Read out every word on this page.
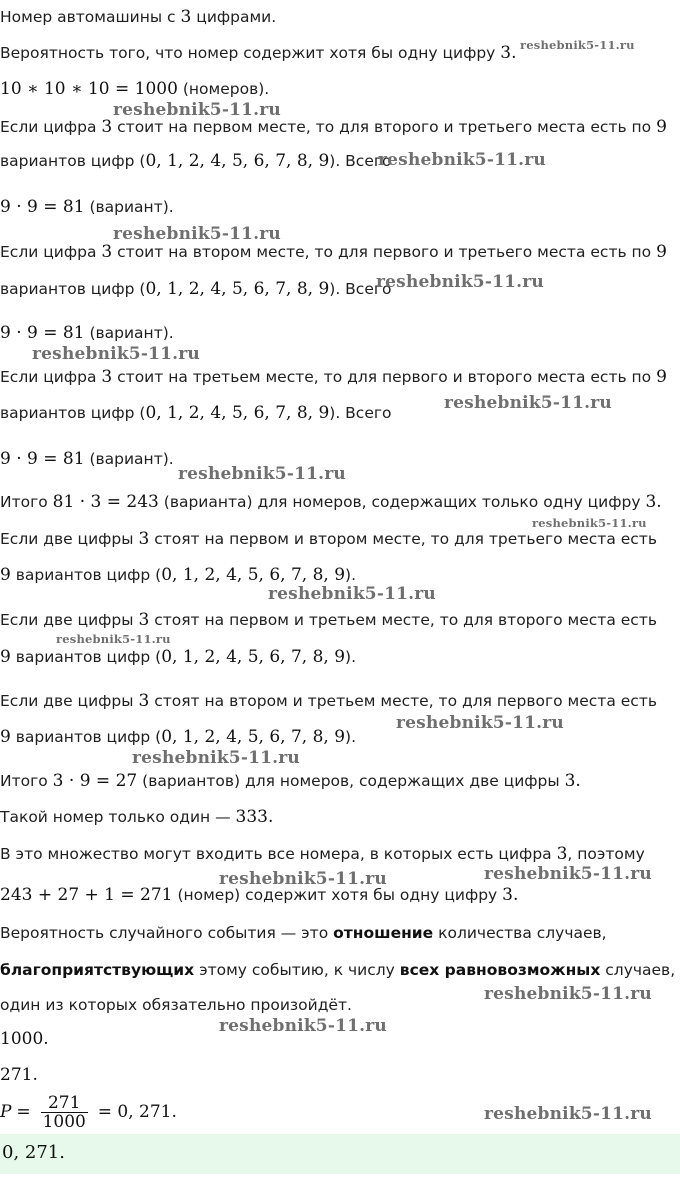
Номер автомашины с 3 цифрами.
Вероятность того, что номер содержит хотя бы одну цифру 3.
10 ∗ 10 ∗ 10 = 1000 (номеров).
Если цифра 3 стоит на первом месте, то для второго и третьего места есть по 9
вариантов цифр (0, 1, 2, 4, 5, 6, 7, 8, 9). Всего
9 · 9 = 81 (вариант).
Если цифра 3 стоит на втором месте, то для первого и третьего места есть по 9
вариантов цифр (0, 1, 2, 4, 5, 6, 7, 8, 9). Всего
9 · 9 = 81 (вариант).
Если цифра 3 стоит на третьем месте, то для первого и второго места есть по 9
вариантов цифр (0, 1, 2, 4, 5, 6, 7, 8, 9). Всего
9 · 9 = 81 (вариант).
Итого 81 · 3 = 243 (варианта) для номеров, содержащих только одну цифру 3.
Если две цифры 3 стоят на первом и втором месте, то для третьего места есть
9 вариантов цифр (0, 1, 2, 4, 5, 6, 7, 8, 9).
Если две цифры 3 стоят на первом и третьем месте, то для второго места есть
9 вариантов цифр (0, 1, 2, 4, 5, 6, 7, 8, 9).
Если две цифры 3 стоят на втором и третьем месте, то для первого места есть
9 вариантов цифр (0, 1, 2, 4, 5, 6, 7, 8, 9).
Итого 3 · 9 = 27 (вариантов) для номеров, содержащих две цифры 3.
Такой номер только один — 333.
В это множество могут входить все номера, в которых есть цифра 3, поэтому
243 + 27 + 1 = 271 (номер) содержит хотя бы одну цифру 3.
Вероятность случайного события — это отношение количества случаев,
благоприятствующих этому событию, к числу всех равновозможных случаев,
один из которых обязательно произойдёт.
1000.
271.
$P = \frac{271}{1000} = 0$, 271.
0, 271.
reshebnik5-11.ru
reshebnik5-11.ru
reshebnik5-11.ru
reshebnik5-11.ru
reshebnik5-11.ru
reshebnik5-11.ru
reshebnik5-11.ru
reshebnik5-11.ru
reshebnik5-11.ru
reshebnik5-11.ru
reshebnik5-11.ru
reshebnik5-11.ru
reshebnik5-11.ru
reshebnik5-11.ru	reshebnik5-11.ru
reshebnik5-11.ru
reshebnik5-11.ru
reshebnik5-11.ru
